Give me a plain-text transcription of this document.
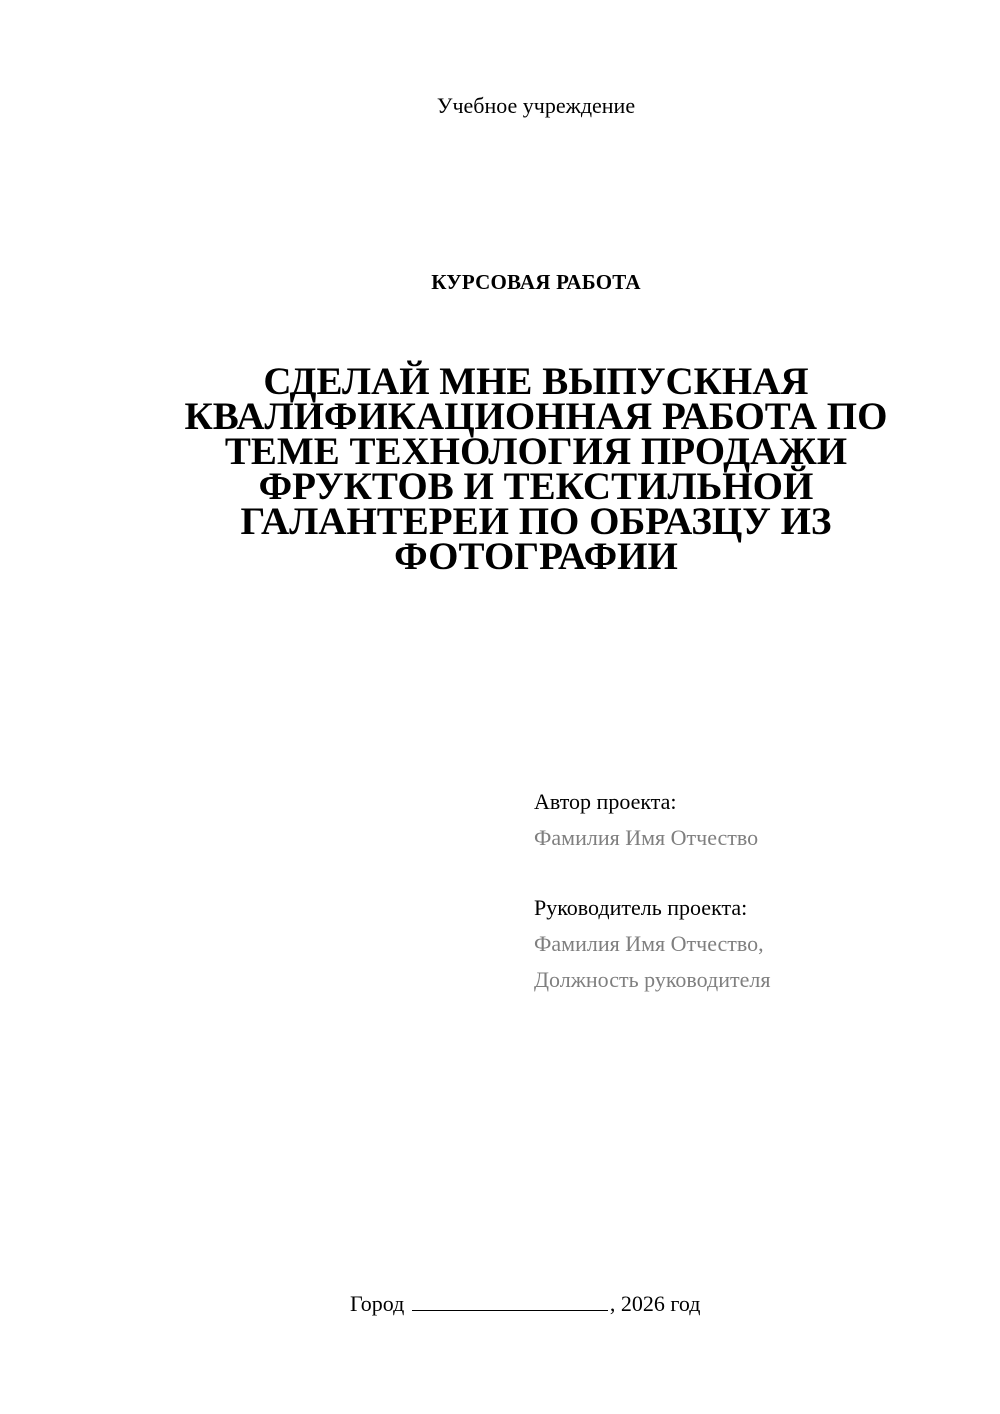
Учебное учреждение
КУРСОВАЯ РАБОТА
СДЕЛАЙ МНЕ ВЫПУСКНАЯ
КВАЛИФИКАЦИОННАЯ РАБОТА ПО
ТЕМЕ ТЕХНОЛОГИЯ ПРОДАЖИ
ФРУКТОВ И ТЕКСТИЛЬНОЙ
ГАЛАНТЕРЕИ ПО ОБРАЗЦУ ИЗ
ФОТОГРАФИИ
Автор проекта:
Фамилия Имя Отчество
Руководитель проекта:
Фамилия Имя Отчество,
Должность руководителя
Город	, 2026 год
